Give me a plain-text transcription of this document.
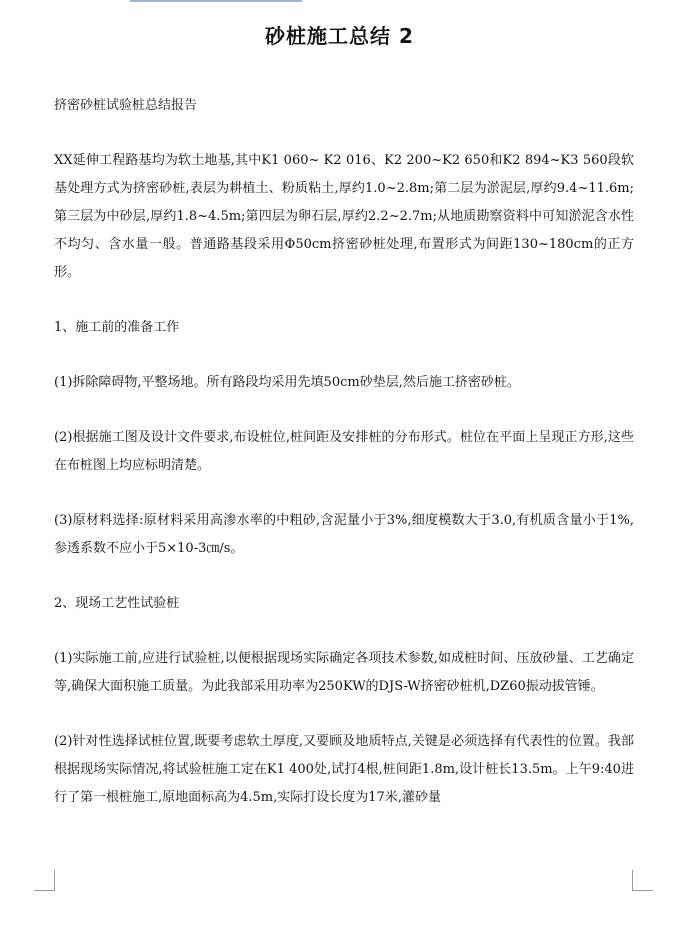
砂桩施工总结 2

挤密砂桩试验桩总结报告

XX延伸工程路基均为软土地基,其中K1 060~ K2 016、K2 200~K2 650和K2 894~K3 560段软基处理方式为挤密砂桩,表层为耕植土、粉质粘土,厚约1.0~2.8m;第二层为淤泥层,厚约9.4~11.6m;第三层为中砂层,厚约1.8~4.5m;第四层为卵石层,厚约2.2~2.7m;从地质勘察资料中可知淤泥含水性不均匀、含水量一般。普通路基段采用Φ50cm挤密砂桩处理,布置形式为间距130~180cm的正方形。

1、施工前的准备工作

(1)拆除障碍物,平整场地。所有路段均采用先填50cm砂垫层,然后施工挤密砂桩。

(2)根据施工图及设计文件要求,布设桩位,桩间距及安排桩的分布形式。桩位在平面上呈现正方形,这些在布桩图上均应标明清楚。

(3)原材料选择:原材料采用高渗水率的中粗砂,含泥量小于3%,细度模数大于3.0,有机质含量小于1%,参透系数不应小于5×10-3㎝/s。

2、现场工艺性试验桩

(1)实际施工前,应进行试验桩,以便根据现场实际确定各项技术参数,如成桩时间、压放砂量、工艺确定等,确保大面积施工质量。为此我部采用功率为250KW的DJS-W挤密砂桩机,DZ60振动拔管锤。

(2)针对性选择试桩位置,既要考虑软土厚度,又要顾及地质特点,关键是必须选择有代表性的位置。我部根据现场实际情况,将试验桩施工定在K1 400处,试打4根,桩间距1.8m,设计桩长13.5m。上午9:40进行了第一根桩施工,原地面标高为4.5m,实际打设长度为17米,灌砂量
